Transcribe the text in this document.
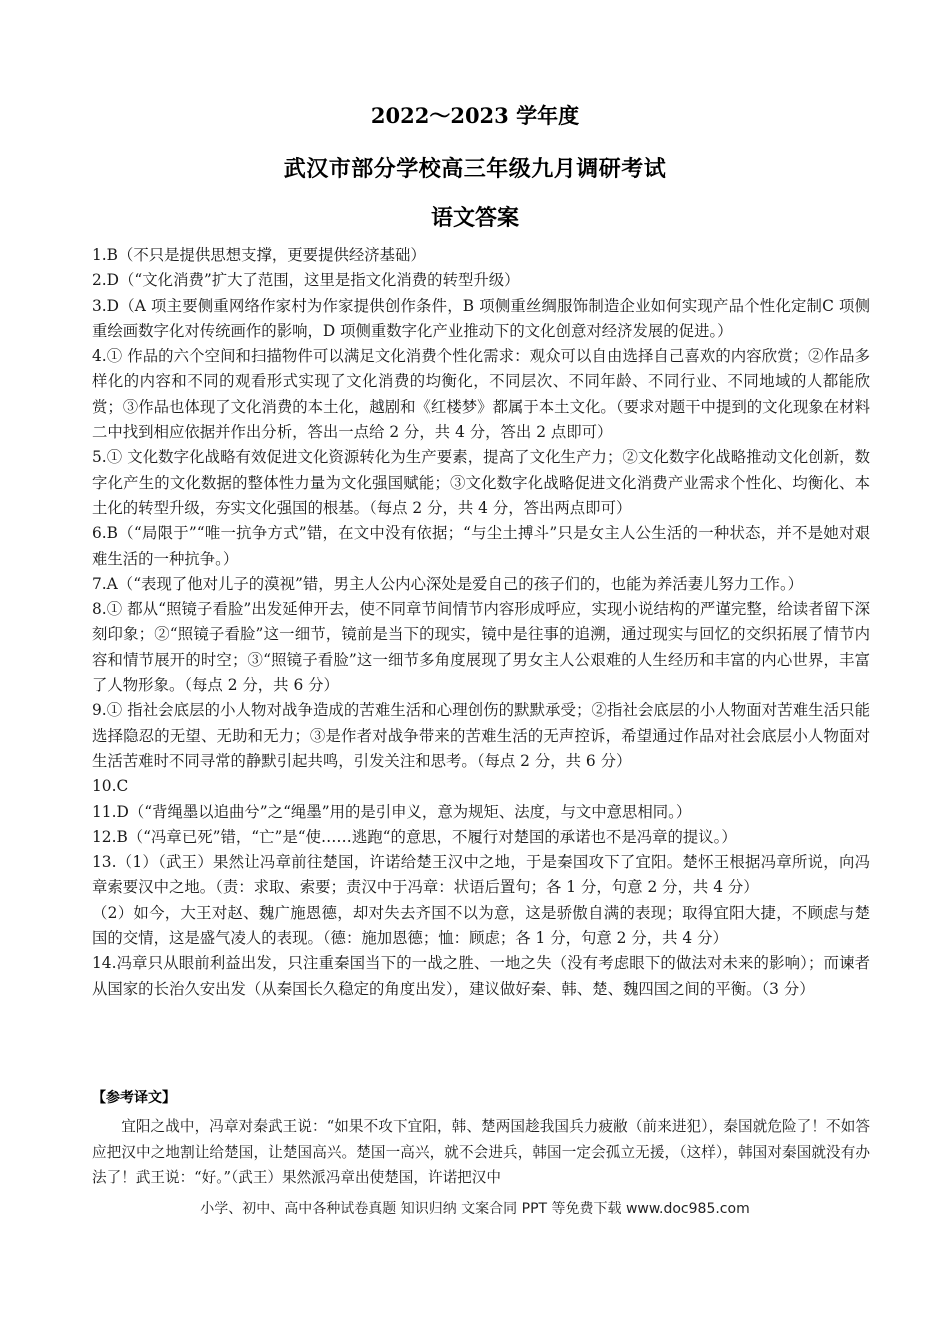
2022～2023 学年度
武汉市部分学校高三年级九月调研考试
语文答案

1.B（不只是提供思想支撑，更要提供经济基础）

2.D（“文化消费”扩大了范围，这里是指文化消费的转型升级）

3.D（A 项主要侧重网络作家村为作家提供创作条件，B 项侧重丝绸服饰制造企业如何实现产品个性化定制C 项侧重绘画数字化对传统画作的影响，D 项侧重数字化产业推动下的文化创意对经济发展的促进。）

4.① 作品的六个空间和扫描物件可以满足文化消费个性化需求：观众可以自由选择自己喜欢的内容欣赏；②作品多样化的内容和不同的观看形式实现了文化消费的均衡化，不同层次、不同年龄、不同行业、不同地域的人都能欣赏；③作品也体现了文化消费的本土化，越剧和《红楼梦》都属于本土文化。（要求对题干中提到的文化现象在材料二中找到相应依据并作出分析，答出一点给 2 分，共 4 分，答出 2 点即可）

5.① 文化数字化战略有效促进文化资源转化为生产要素，提高了文化生产力；②文化数字化战略推动文化创新，数字化产生的文化数据的整体性力量为文化强国赋能；③文化数字化战略促进文化消费产业需求个性化、均衡化、本土化的转型升级，夯实文化强国的根基。（每点 2 分，共 4 分，答出两点即可）

6.B（“局限于”“唯一抗争方式”错，在文中没有依据；“与尘土搏斗”只是女主人公生活的一种状态，并不是她对艰难生活的一种抗争。）

7.A（“表现了他对儿子的漠视”错，男主人公内心深处是爱自己的孩子们的，也能为养活妻儿努力工作。）

8.① 都从“照镜子看脸”出发延伸开去，使不同章节间情节内容形成呼应，实现小说结构的严谨完整，给读者留下深刻印象；②“照镜子看脸”这一细节，镜前是当下的现实，镜中是往事的追溯，通过现实与回忆的交织拓展了情节内容和情节展开的时空；③“照镜子看脸”这一细节多角度展现了男女主人公艰难的人生经历和丰富的内心世界，丰富了人物形象。（每点 2 分，共 6 分）

9.① 指社会底层的小人物对战争造成的苦难生活和心理创伤的默默承受；②指社会底层的小人物面对苦难生活只能选择隐忍的无望、无助和无力；③是作者对战争带来的苦难生活的无声控诉，希望通过作品对社会底层小人物面对生活苦难时不同寻常的静默引起共鸣，引发关注和思考。（每点 2 分，共 6 分）

10.C

11.D（“背绳墨以追曲兮”之“绳墨”用的是引申义，意为规矩、法度，与文中意思相同。）

12.B（“冯章已死”错，“亡”是“使……逃跑“的意思，不履行对楚国的承诺也不是冯章的提议。）

13.（1）（武王）果然让冯章前往楚国，许诺给楚王汉中之地，于是秦国攻下了宜阳。楚怀王根据冯章所说，向冯章索要汉中之地。（责：求取、索要；责汉中于冯章：状语后置句；各 1 分，句意 2 分，共 4 分）

（2）如今，大王对赵、魏广施恩德，却对失去齐国不以为意，这是骄傲自满的表现；取得宜阳大捷，不顾虑与楚国的交情，这是盛气凌人的表现。（德：施加恩德；恤：顾虑；各 1 分，句意 2 分，共 4 分）

14.冯章只从眼前利益出发，只注重秦国当下的一战之胜、一地之失（没有考虑眼下的做法对未来的影响）；而谏者从国家的长治久安出发（从秦国长久稳定的角度出发），建议做好秦、韩、楚、魏四国之间的平衡。（3 分）

【参考译文】
宜阳之战中，冯章对秦武王说：“如果不攻下宜阳，韩、楚两国趁我国兵力疲敝（前来进犯），秦国就危险了！不如答应把汉中之地割让给楚国，让楚国高兴。楚国一高兴，就不会进兵，韩国一定会孤立无援，（这样），韩国对秦国就没有办法了！武王说：“好。”（武王）果然派冯章出使楚国，许诺把汉中
小学、初中、高中各种试卷真题 知识归纳 文案合同 PPT 等免费下载 www.doc985.com
